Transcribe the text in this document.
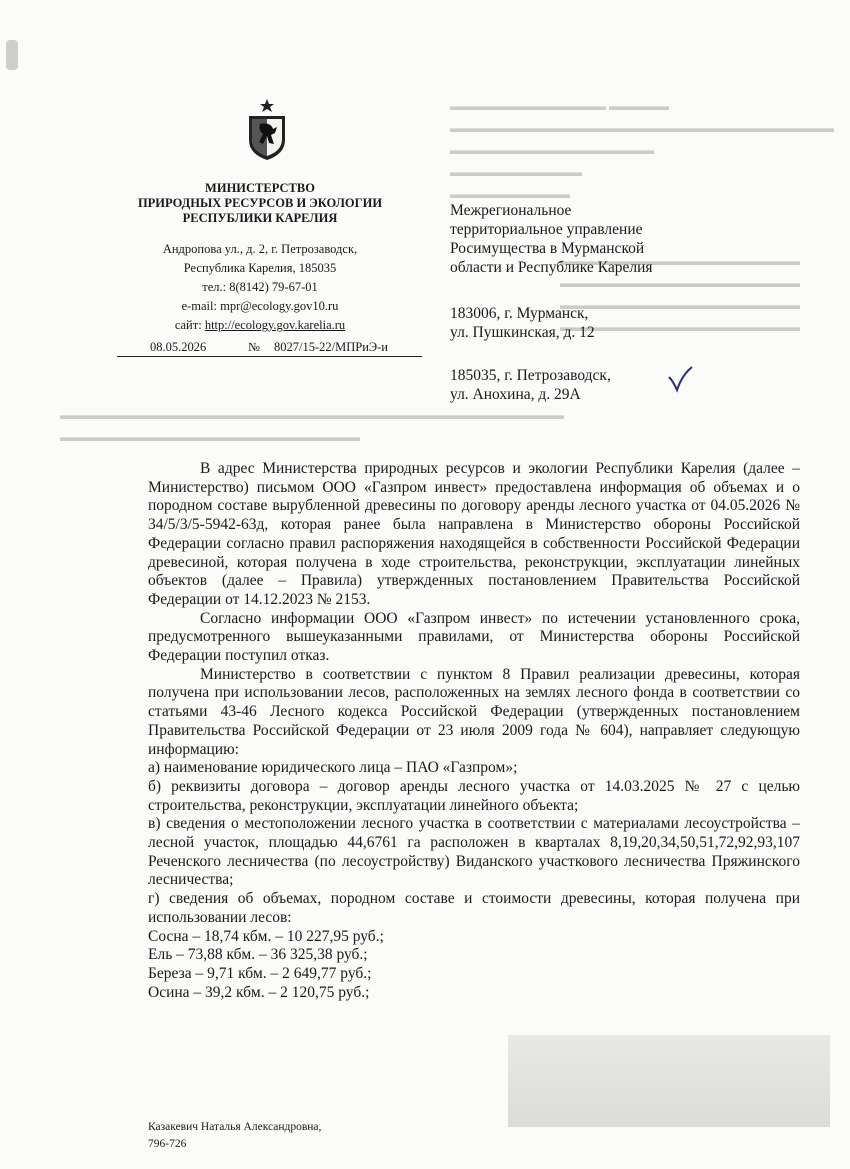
▬▬▬▬▬▬▬▬▬▬▬▬▬ ▬▬▬▬▬
▬▬▬▬▬▬▬▬▬▬▬▬▬▬▬▬▬▬▬▬▬▬▬▬▬▬▬▬▬▬▬▬
▬▬▬▬▬▬▬▬▬▬▬▬▬▬▬▬▬
▬▬▬▬▬▬▬▬▬▬▬
▬▬▬▬▬▬▬▬▬▬
▬▬▬▬▬▬▬▬▬▬▬▬▬▬▬▬▬▬▬▬
▬▬▬▬▬▬▬▬▬▬▬▬▬▬▬▬▬▬▬▬
▬▬▬▬▬▬▬▬▬▬▬▬▬▬▬▬▬▬▬▬
▬▬▬▬▬▬▬▬▬▬▬▬▬▬▬▬▬▬▬▬
▬▬▬▬▬▬▬▬▬▬▬▬▬▬▬▬▬▬▬▬▬▬▬▬▬▬▬▬▬▬▬▬▬▬▬▬▬▬▬▬▬▬
▬▬▬▬▬▬▬▬▬▬▬▬▬▬▬▬▬▬▬▬▬▬▬▬▬
МИНИСТЕРСТВО
ПРИРОДНЫХ РЕСУРСОВ И ЭКОЛОГИИ
РЕСПУБЛИКИ КАРЕЛИЯ
Андропова ул., д. 2, г. Петрозаводск,
Республика Карелия, 185035
тел.: 8(8142) 79-67-01
e-mail: mpr@ecology.gov10.ru
сайт: http://ecology.gov.karelia.ru
08.05.2026	№ 8027/15-22/МПРиЭ-и
Межрегиональное
территориальное управление
Росимущества в Мурманской
области и Республике Карелия
183006, г. Мурманск,
ул. Пушкинская, д. 12
185035, г. Петрозаводск,
ул. Анохина, д. 29А

В адрес Министерства природных ресурсов и экологии Республики Карелия (далее – Министерство) письмом ООО «Газпром инвест» предоставлена информация об объемах и о породном составе вырубленной древесины по договору аренды лесного участка от 04.05.2026 № 34/5/3/5-5942-63д, которая ранее была направлена в Министерство обороны Российской Федерации согласно правил распоряжения находящейся в собственности Российской Федерации древесиной, которая получена в ходе строительства, реконструкции, эксплуатации линейных объектов (далее – Правила) утвержденных постановлением Правительства Российской Федерации от 14.12.2023 № 2153.

Согласно информации ООО «Газпром инвест» по истечении установленного срока, предусмотренного вышеуказанными правилами, от Министерства обороны Российской Федерации поступил отказ.

Министерство в соответствии с пунктом 8 Правил реализации древесины, которая получена при использовании лесов, расположенных на землях лесного фонда в соответствии со статьями 43-46 Лесного кодекса Российской Федерации (утвержденных постановлением Правительства Российской Федерации от 23 июля 2009 года № 604), направляет следующую информацию:

а) наименование юридического лица – ПАО «Газпром»;

б) реквизиты договора – договор аренды лесного участка от 14.03.2025 № 27 с целью строительства, реконструкции, эксплуатации линейного объекта;

в) сведения о местоположении лесного участка в соответствии с материалами лесоустройства – лесной участок, площадью 44,6761 га расположен в кварталах 8,19,20,34,50,51,72,92,93,107 Реченского лесничества (по лесоустройству) Виданского участкового лесничества Пряжинского лесничества;

г) сведения об объемах, породном составе и стоимости древесины, которая получена при использовании лесов:

Сосна – 18,74 кбм. – 10 227,95 руб.;

Ель – 73,88 кбм. – 36 325,38 руб.;

Береза – 9,71 кбм. – 2 649,77 руб.;

Осина – 39,2 кбм. – 2 120,75 руб.;

Казакевич Наталья Александровна,
796-726
